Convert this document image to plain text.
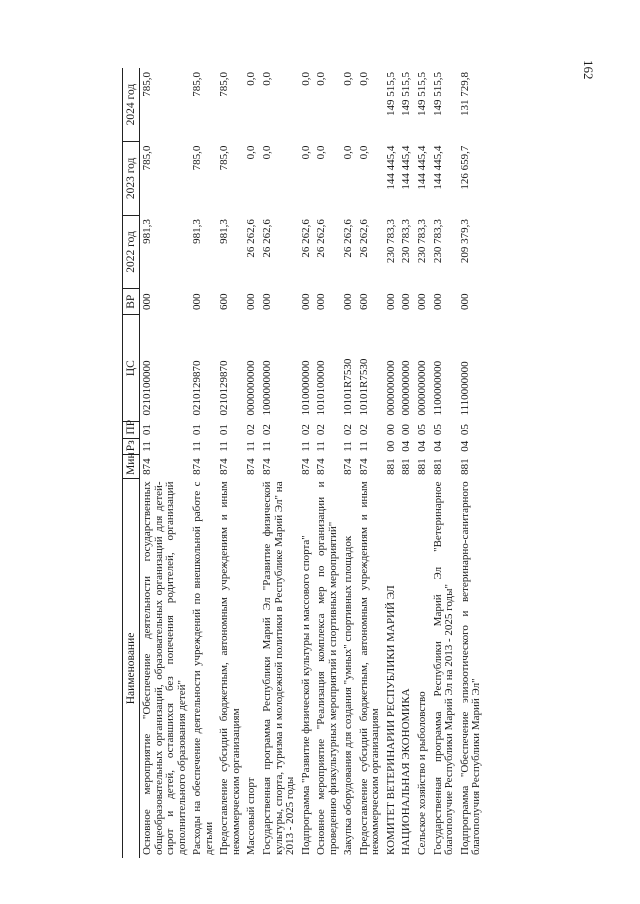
162
Наименование	Мин	Рз	ПР	ЦС	ВР	2022 год	2023 год	2024 год
Основное мероприятие "Обеспечение деятельности государственных общеобразовательных организаций, образовательных организаций для детей-сирот и детей, оставшихся без попечения родителей, организаций дополнительного образования детей"	874	11	01	0210100000	000	981,3	785,0	785,0
Расходы на обеспечение деятельности учреждений по внешкольной работе с детьми	874	11	01	0210129870	000	981,3	785,0	785,0
Предоставление субсидий бюджетным, автономным учреждениям и иным некоммерческим организациям	874	11	01	0210129870	600	981,3	785,0	785,0
Массовый спорт	874	11	02	0000000000	000	26 262,6	0,0	0,0
Государственная программа Республики Марий Эл "Развитие физической культуры, спорта, туризма и молодежной политики в Республике Марий Эл" на 2013 - 2025 годы	874	11	02	1000000000	000	26 262,6	0,0	0,0
Подпрограмма "Развитие физической культуры и массового спорта"	874	11	02	1010000000	000	26 262,6	0,0	0,0
Основное мероприятие "Реализация комплекса мер по организации и проведению физкультурных мероприятий и спортивных мероприятий"	874	11	02	1010100000	000	26 262,6	0,0	0,0
Закупка оборудования для создания "умных" спортивных площадок	874	11	02	10101R7530	000	26 262,6	0,0	0,0
Предоставление субсидий бюджетным, автономным учреждениям и иным некоммерческим организациям	874	11	02	10101R7530	600	26 262,6	0,0	0,0
КОМИТЕТ ВЕТЕРИНАРИИ РЕСПУБЛИКИ МАРИЙ ЭЛ	881	00	00	0000000000	000	230 783,3	144 445,4	149 515,5
НАЦИОНАЛЬНАЯ ЭКОНОМИКА	881	04	00	0000000000	000	230 783,3	144 445,4	149 515,5
Сельское хозяйство и рыболовство	881	04	05	0000000000	000	230 783,3	144 445,4	149 515,5
Государственная программа Республики Марий Эл "Ветеринарное благополучие Республики Марий Эл на 2013 - 2025 годы"	881	04	05	1100000000	000	230 783,3	144 445,4	149 515,5
Подпрограмма "Обеспечение эпизоотического и ветеринарно-санитарного благополучия Республики Марий Эл"	881	04	05	1110000000	000	209 379,3	126 659,7	131 729,8
